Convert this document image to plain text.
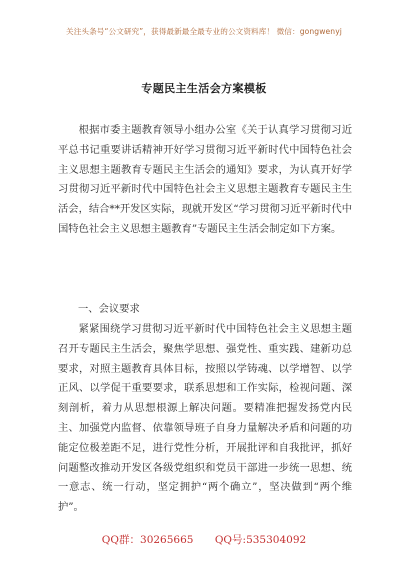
关注头条号“公文研究”，获得最新最全最专业的公文资料库！ 微信：gongwenyj
专题民主生活会方案模板

根据市委主题教育领导小组办公室《关于认真学习贯彻习近平总书记重要讲话精神开好学习贯彻习近平新时代中国特色社会主义思想主题教育专题民主生活会的通知》要求，为认真开好学习贯彻习近平新时代中国特色社会主义思想主题教育专题民主生活会，结合**开发区实际，现就开发区“学习贯彻习近平新时代中国特色社会主义思想主题教育”专题民主生活会制定如下方案。

一、会议要求

紧紧围绕学习贯彻习近平新时代中国特色社会主义思想主题召开专题民主生活会，聚焦学思想、强党性、重实践、建新功总要求，对照主题教育具体目标，按照以学铸魂、以学增智、以学正风、以学促干重要要求，联系思想和工作实际，检视问题、深刻剖析，着力从思想根源上解决问题。要精准把握发扬党内民主、加强党内监督、依靠领导班子自身力量解决矛盾和问题的功能定位极差距不足，进行党性分析，开展批评和自我批评，抓好问题整改推动开发区各级党组织和党员干部进一步统一思想、统一意志、统一行动，坚定拥护“两个确立”，坚决做到“两个维护”。

QQ群：30265665 QQ号:535304092
